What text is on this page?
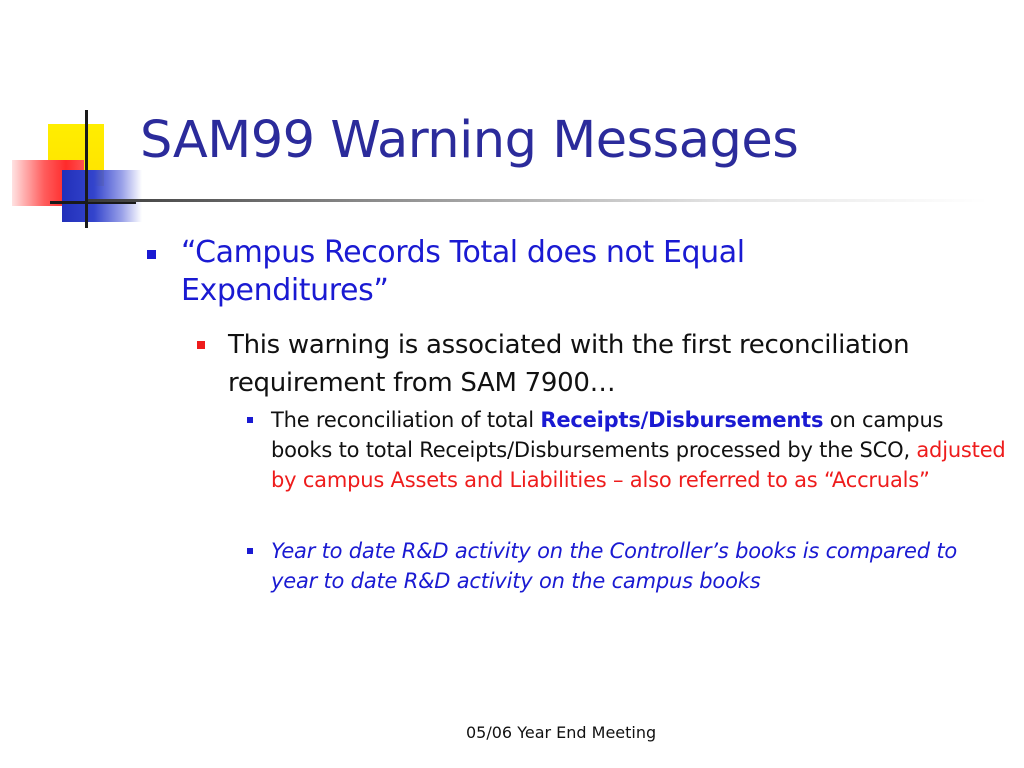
SAM99 Warning Messages
“Campus Records Total does not Equal Expenditures”
This warning is associated with the first reconciliation requirement from SAM 7900…
The reconciliation of total Receipts/Disbursements on campus books to total Receipts/Disbursements processed by the SCO, adjusted by campus Assets and Liabilities – also referred to as “Accruals”
Year to date R&D activity on the Controller’s books is compared to year to date R&D activity on the campus books
05/06 Year End Meeting
